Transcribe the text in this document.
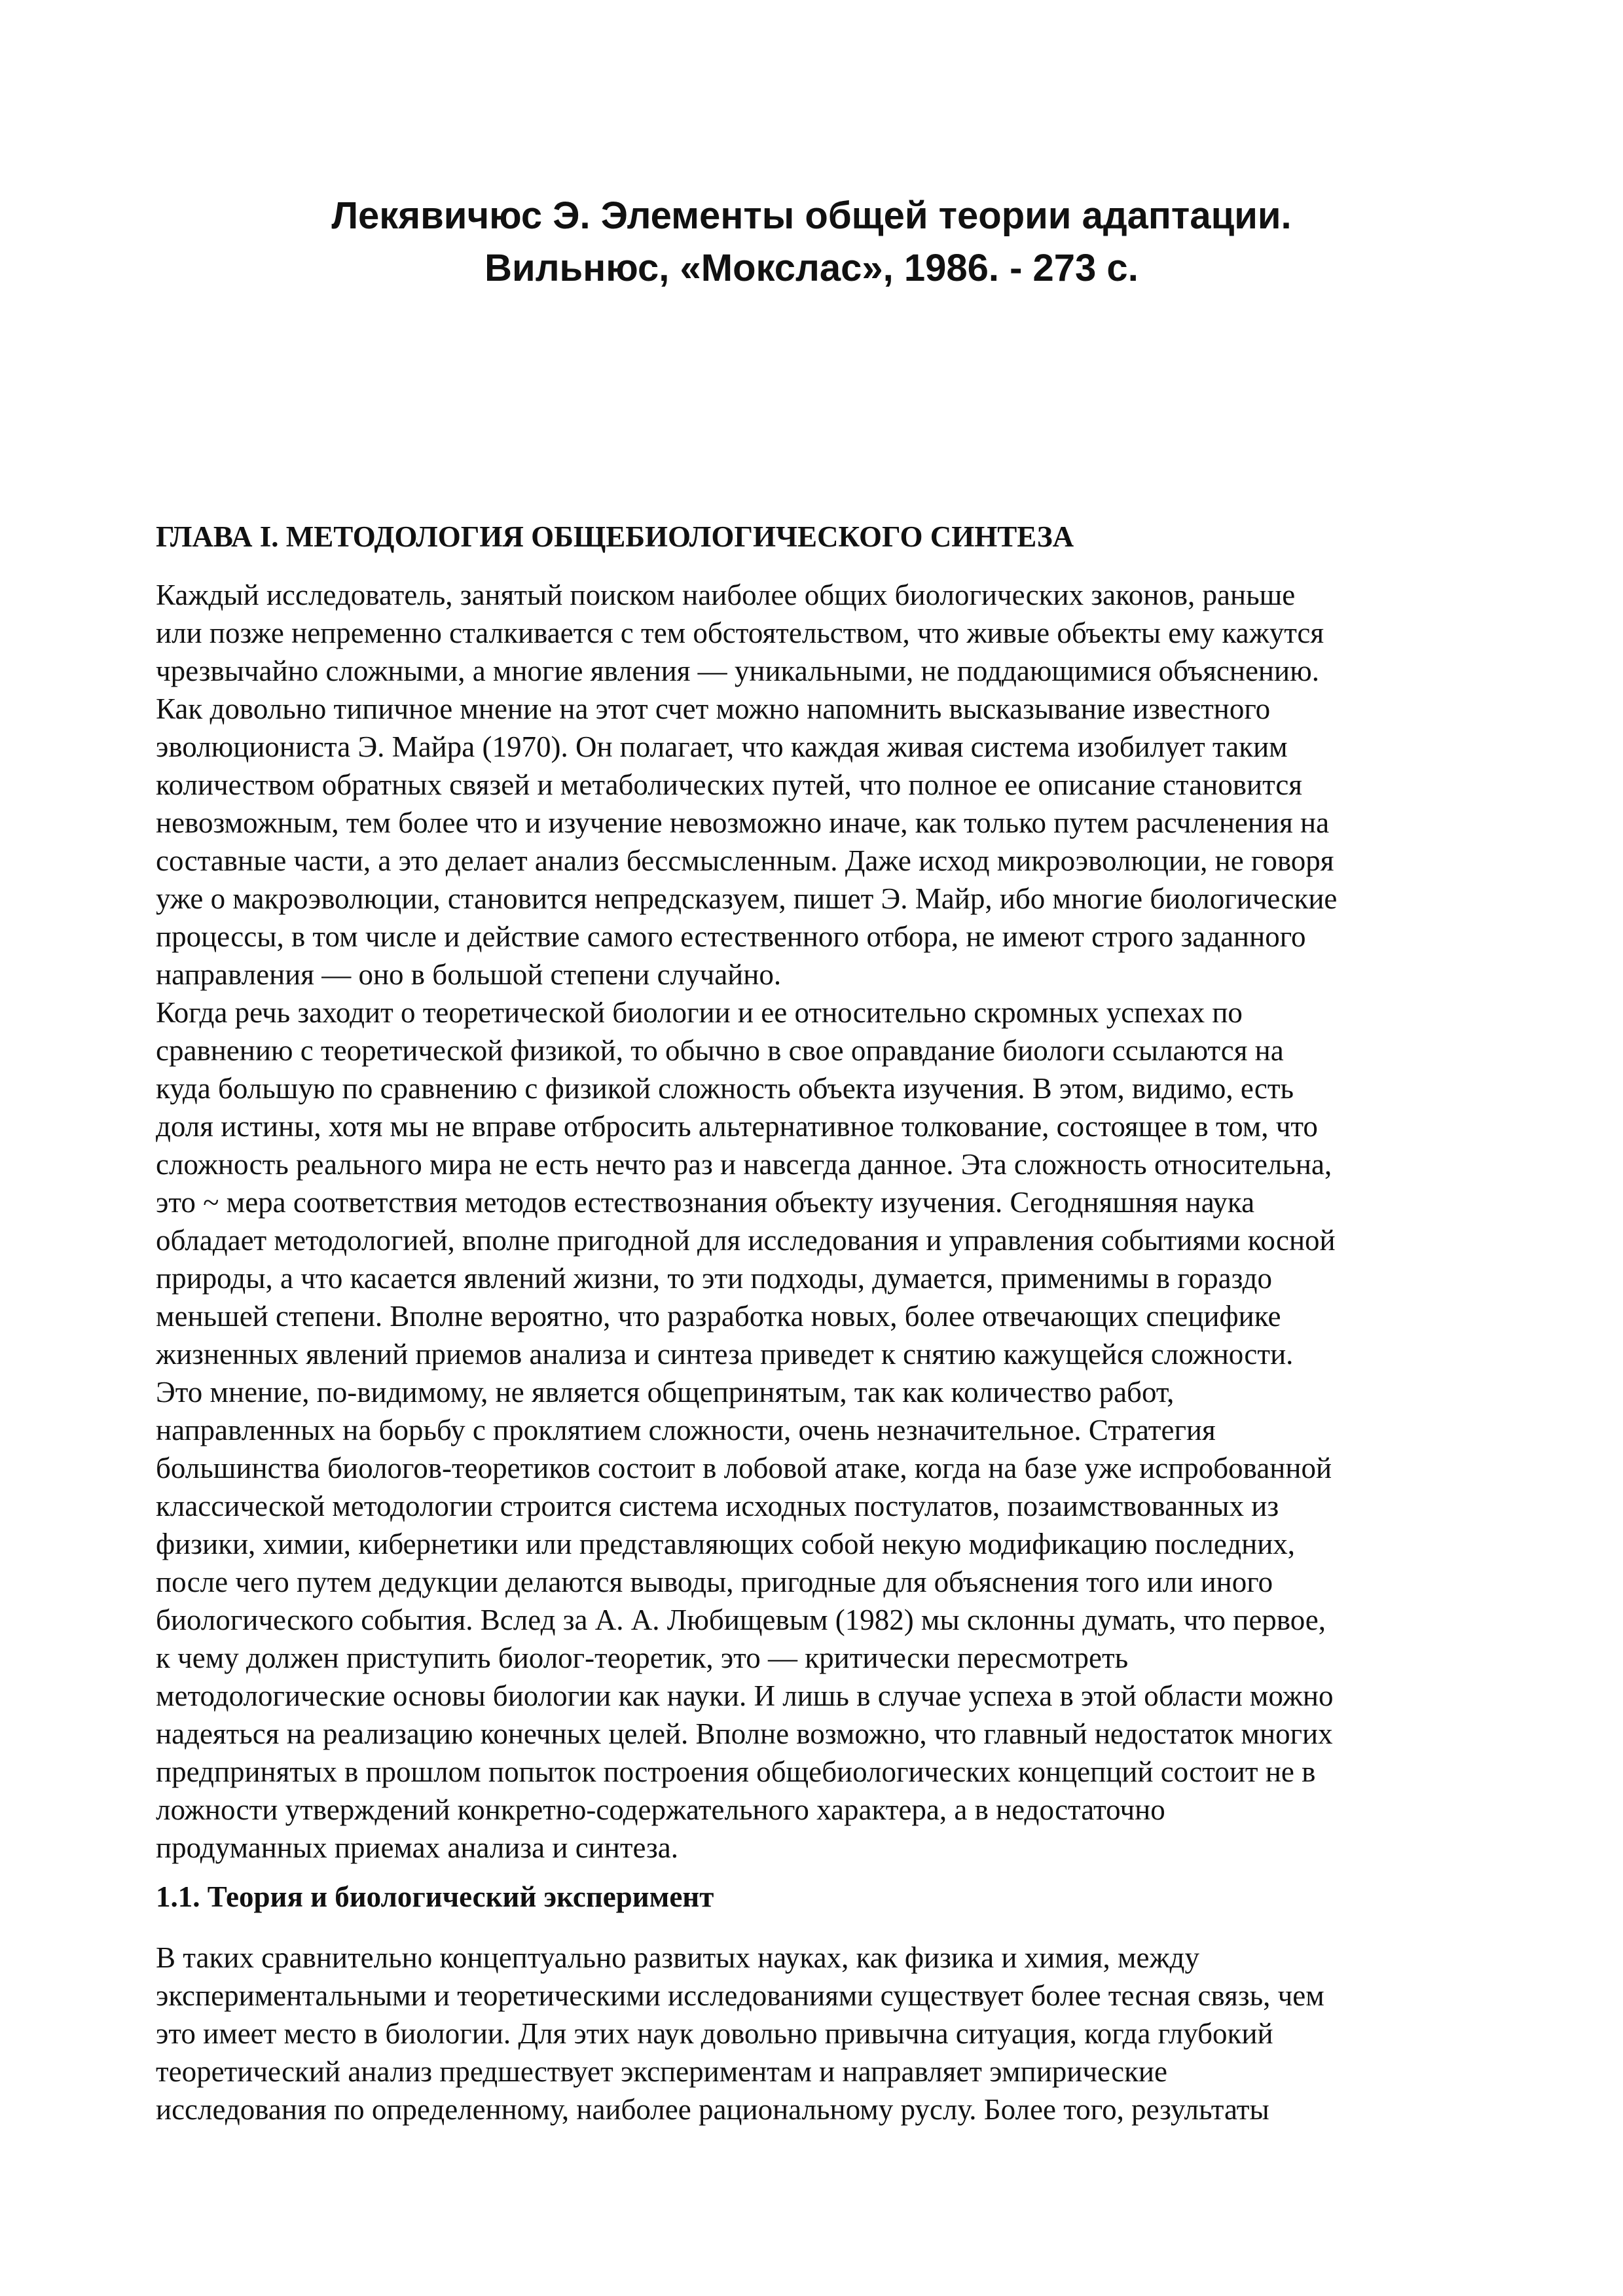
Лекявичюс Э. Элементы общей теории адаптации.
Вильнюс, «Мокслас», 1986. - 273 с.
ГЛАВА I. МЕТОДОЛОГИЯ ОБЩЕБИОЛОГИЧЕСКОГО СИНТЕЗА
Каждый исследователь, занятый поиском наиболее общих биологических законов, раньше
или позже непременно сталкивается с тем обстоятельством, что живые объекты ему кажутся
чрезвычайно сложными, а многие явления — уникальными, не поддающимися объяснению.
Как довольно типичное мнение на этот счет можно напомнить высказывание известного
эволюциониста Э. Майра (1970). Он полагает, что каждая живая система изобилует таким
количеством обратных связей и метаболических путей, что полное ее описание становится
невозможным, тем более что и изучение невозможно иначе, как только путем расчленения на
составные части, а это делает анализ бессмысленным. Даже исход микроэволюции, не говоря
уже о макроэволюции, становится непредсказуем, пишет Э. Майр, ибо многие биологические
процессы, в том числе и действие самого естественного отбора, не имеют строго заданного
направления — оно в большой степени случайно.
Когда речь заходит о теоретической биологии и ее относительно скромных успехах по
сравнению с теоретической физикой, то обычно в свое оправдание биологи ссылаются на
куда большую по сравнению с физикой сложность объекта изучения. В этом, видимо, есть
доля истины, хотя мы не вправе отбросить альтернативное толкование, состоящее в том, что
сложность реального мира не есть нечто раз и навсегда данное. Эта сложность относительна,
это ~ мера соответствия методов естествознания объекту изучения. Сегодняшняя наука
обладает методологией, вполне пригодной для исследования и управления событиями косной
природы, а что касается явлений жизни, то эти подходы, думается, применимы в гораздо
меньшей степени. Вполне вероятно, что разработка новых, более отвечающих специфике
жизненных явлений приемов анализа и синтеза приведет к снятию кажущейся сложности.
Это мнение, по-видимому, не является общепринятым, так как количество работ,
направленных на борьбу с проклятием сложности, очень незначительное. Стратегия
большинства биологов-теоретиков состоит в лобовой атаке, когда на базе уже испробованной
классической методологии строится система исходных постулатов, позаимствованных из
физики, химии, кибернетики или представляющих собой некую модификацию последних,
после чего путем дедукции делаются выводы, пригодные для объяснения того или иного
биологического события. Вслед за А. А. Любищевым (1982) мы склонны думать, что первое,
к чему должен приступить биолог-теоретик, это — критически пересмотреть
методологические основы биологии как науки. И лишь в случае успеха в этой области можно
надеяться на реализацию конечных целей. Вполне возможно, что главный недостаток многих
предпринятых в прошлом попыток построения общебиологических концепций состоит не в
ложности утверждений конкретно-содержательного характера, а в недостаточно
продуманных приемах анализа и синтеза.
1.1. Теория и биологический эксперимент
В таких сравнительно концептуально развитых науках, как физика и химия, между
экспериментальными и теоретическими исследованиями существует более тесная связь, чем
это имеет место в биологии. Для этих наук довольно привычна ситуация, когда глубокий
теоретический анализ предшествует экспериментам и направляет эмпирические
исследования по определенному, наиболее рациональному руслу. Более того, результаты
